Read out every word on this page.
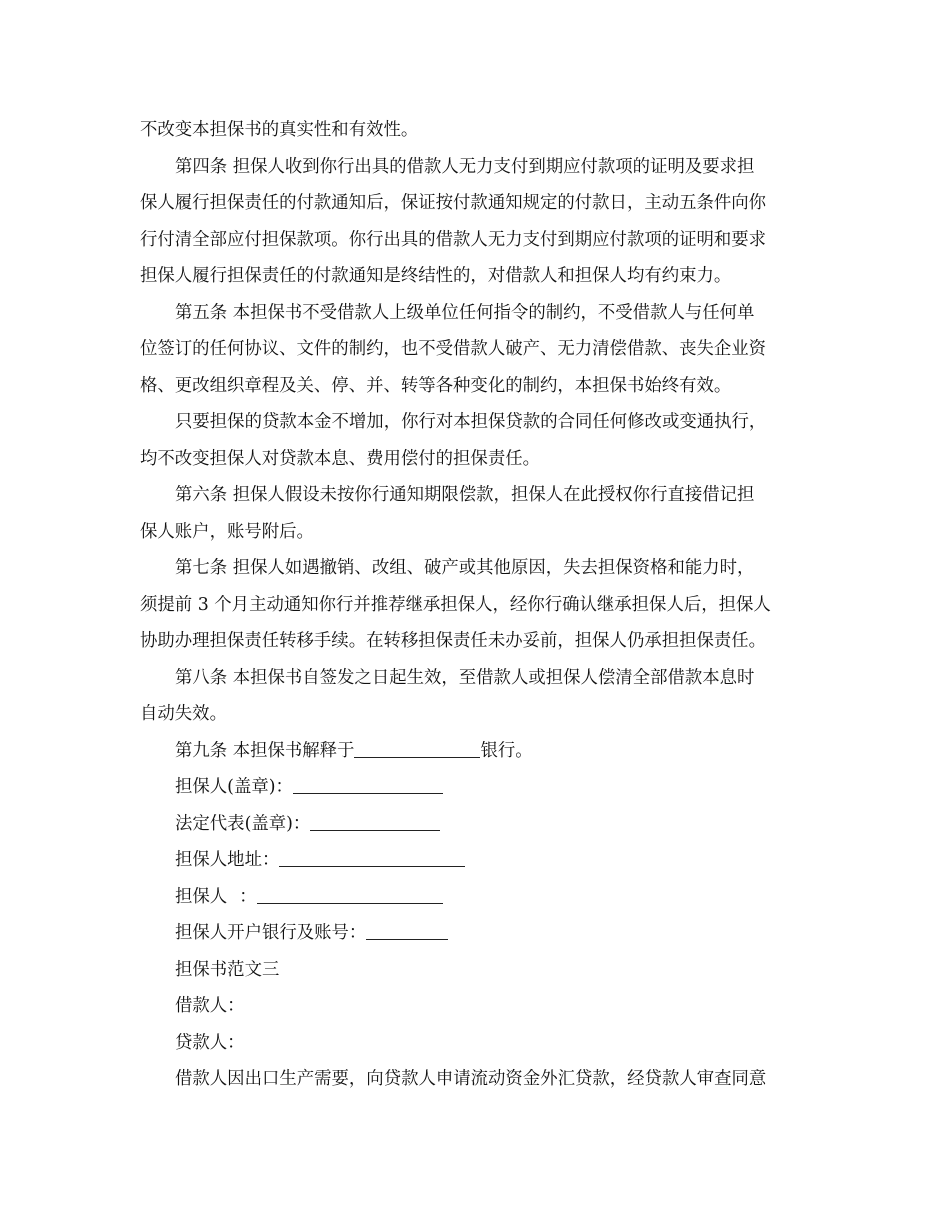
不改变本担保书的真实性和有效性。
第四条 担保人收到你行出具的借款人无力支付到期应付款项的证明及要求担
保人履行担保责任的付款通知后，保证按付款通知规定的付款日，主动五条件向你
行付清全部应付担保款项。你行出具的借款人无力支付到期应付款项的证明和要求
担保人履行担保责任的付款通知是终结性的，对借款人和担保人均有约束力。
第五条 本担保书不受借款人上级单位任何指令的制约，不受借款人与任何单
位签订的任何协议、文件的制约，也不受借款人破产、无力清偿借款、丧失企业资
格、更改组织章程及关、停、并、转等各种变化的制约，本担保书始终有效。
只要担保的贷款本金不增加，你行对本担保贷款的合同任何修改或变通执行，
均不改变担保人对贷款本息、费用偿付的担保责任。
第六条 担保人假设未按你行通知期限偿款，担保人在此授权你行直接借记担
保人账户，账号附后。
第七条 担保人如遇撤销、改组、破产或其他原因，失去担保资格和能力时，
须提前 3 个月主动通知你行并推荐继承担保人，经你行确认继承担保人后，担保人
协助办理担保责任转移手续。在转移担保责任未办妥前，担保人仍承担担保责任。
第八条 本担保书自签发之日起生效，至借款人或担保人偿清全部借款本息时
自动失效。
第九条 本担保书解释于	银行。
担保人(盖章)：
法定代表(盖章)：
担保人地址：
担保人 ：
担保人开户银行及账号：
担保书范文三
借款人：
贷款人：
借款人因出口生产需要，向贷款人申请流动资金外汇贷款，经贷款人审查同意
